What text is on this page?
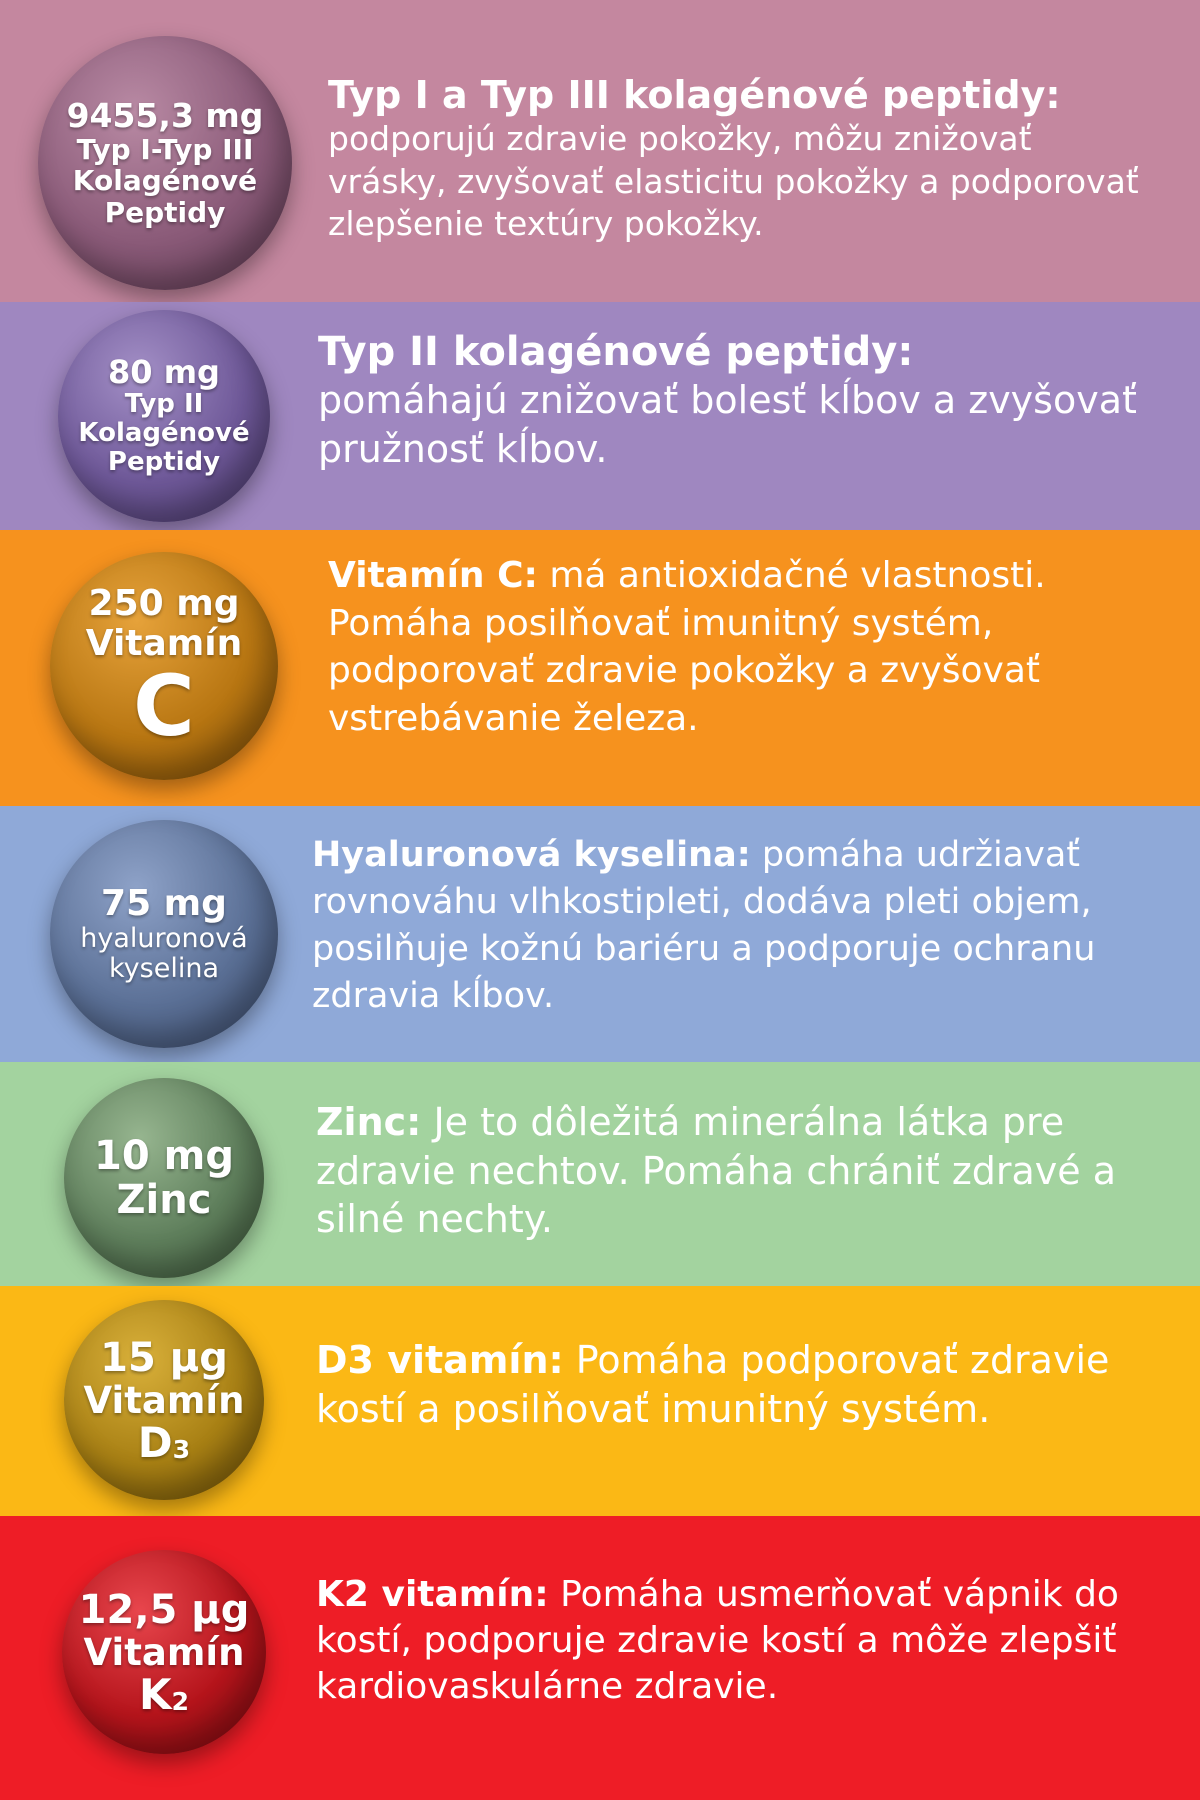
9455,3 mg
Typ I-Typ III
Kolagénové
Peptidy

Typ I a Typ III kolagénové peptidy:
podporujú zdravie pokožky, môžu znižovať vrásky, zvyšovať elasticitu pokožky a podporovať zlepšenie textúry pokožky.

80 mg
Typ II
Kolagénové
Peptidy

Typ II kolagénové peptidy:
pomáhajú znižovať bolesť kĺbov a zvyšovať pružnosť kĺbov.

250 mg
Vitamín
C

Vitamín C: má antioxidačné vlastnosti. Pomáha posilňovať imunitný systém, podporovať zdravie pokožky a zvyšovať vstrebávanie železa.

75 mg
hyaluronová
kyselina

Hyaluronová kyselina: pomáha udržiavať rovnováhu vlhkostipleti, dodáva pleti objem, posilňuje kožnú bariéru a podporuje ochranu zdravia kĺbov.

10 mg
Zinc

Zinc: Je to dôležitá minerálna látka pre zdravie nechtov. Pomáha chrániť zdravé a silné nechty.

15 µg
Vitamín
$D_3$

D3 vitamín: Pomáha podporovať zdravie kostí a posilňovať imunitný systém.

12,5 µg
Vitamín
$K_2$

K2 vitamín: Pomáha usmerňovať vápnik do kostí, podporuje zdravie kostí a môže zlepšiť kardiovaskulárne zdravie.
